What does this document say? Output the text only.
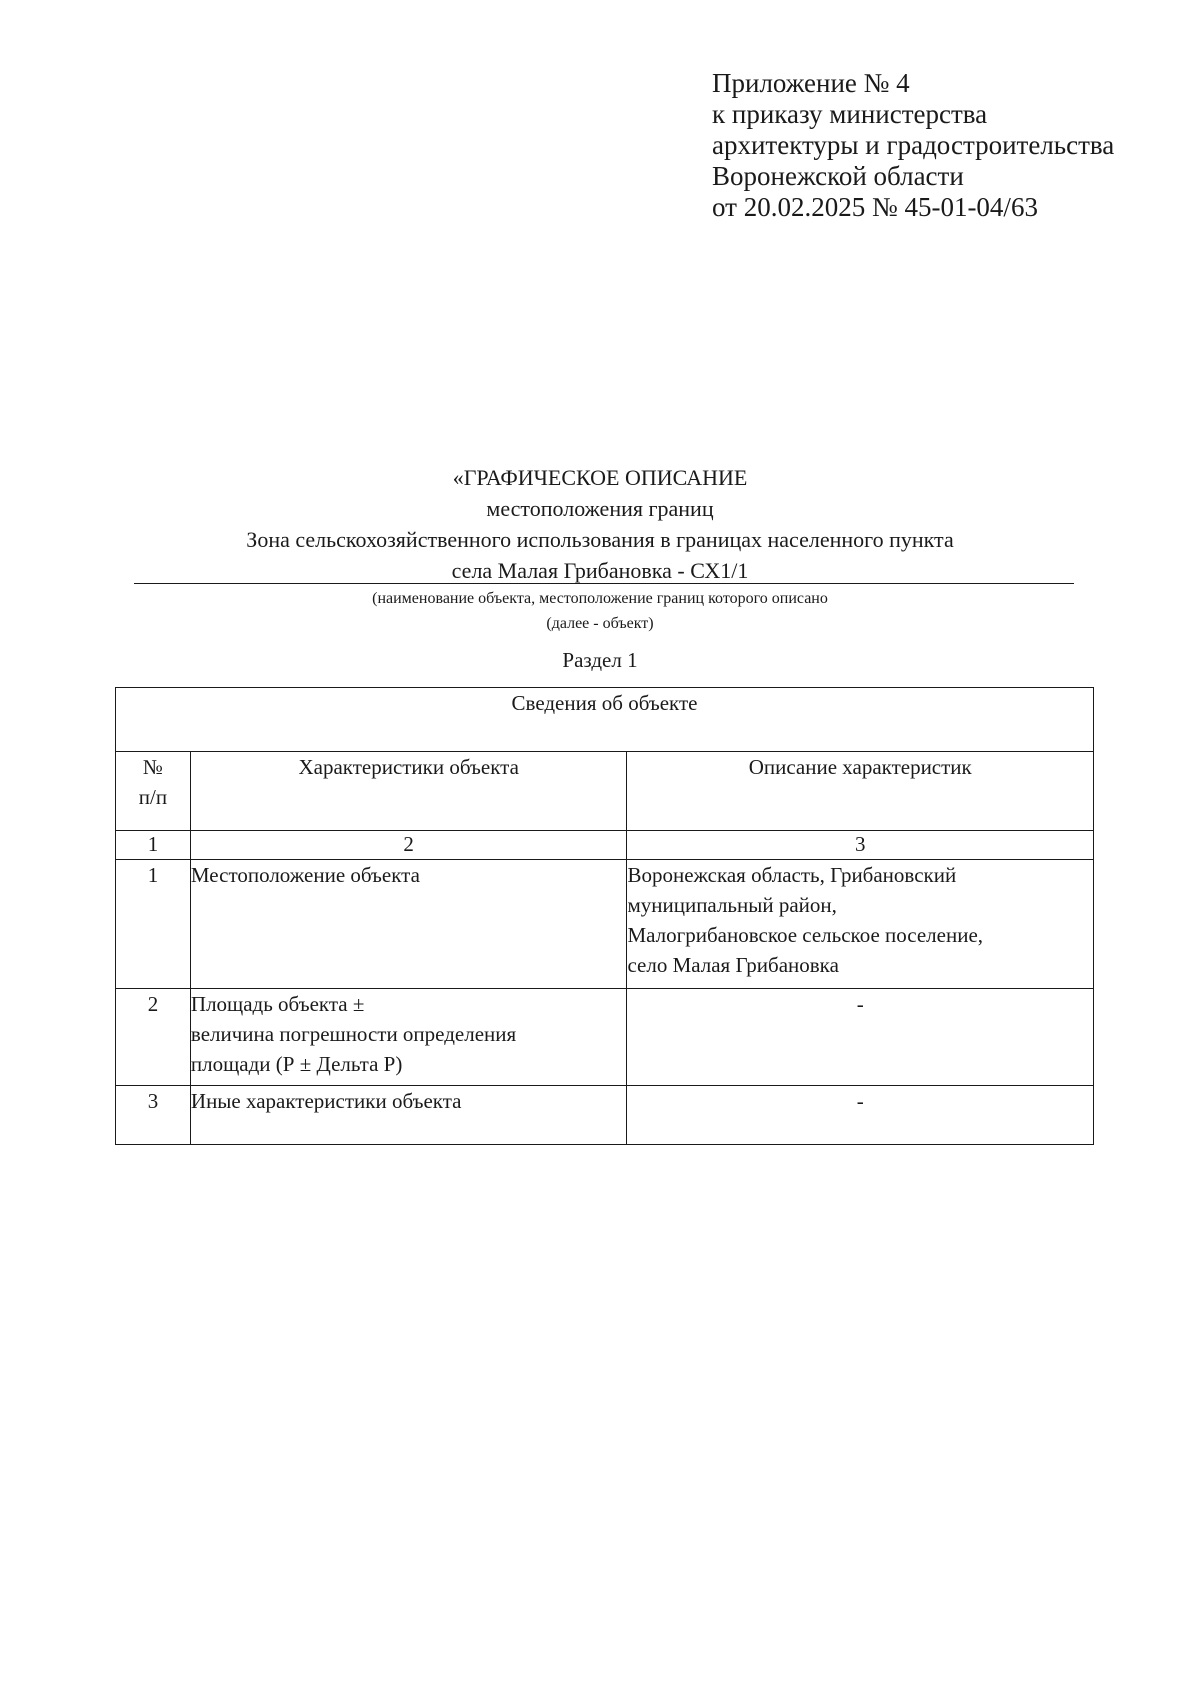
Приложение № 4
к приказу министерства
архитектуры и градостроительства
Воронежской области
от 20.02.2025 № 45-01-04/63
«ГРАФИЧЕСКОЕ ОПИСАНИЕ
местоположения границ
Зона сельскохозяйственного использования в границах населенного пункта
села Малая Грибановка - СХ1/1
(наименование объекта, местоположение границ которого описано
(далее - объект)
Раздел 1
Сведения об объекте		

№
п/п	Характеристики объекта	Описание характеристик
1	2	3
1	Местоположение объекта	Воронежская область, Грибановский
муниципальный район,
Малогрибановское сельское поселение,
село Малая Грибановка

2	Площадь объекта ±
величина погрешности определения
площади (Р ± Дельта Р)	-
3	Иные характеристики объекта	-
